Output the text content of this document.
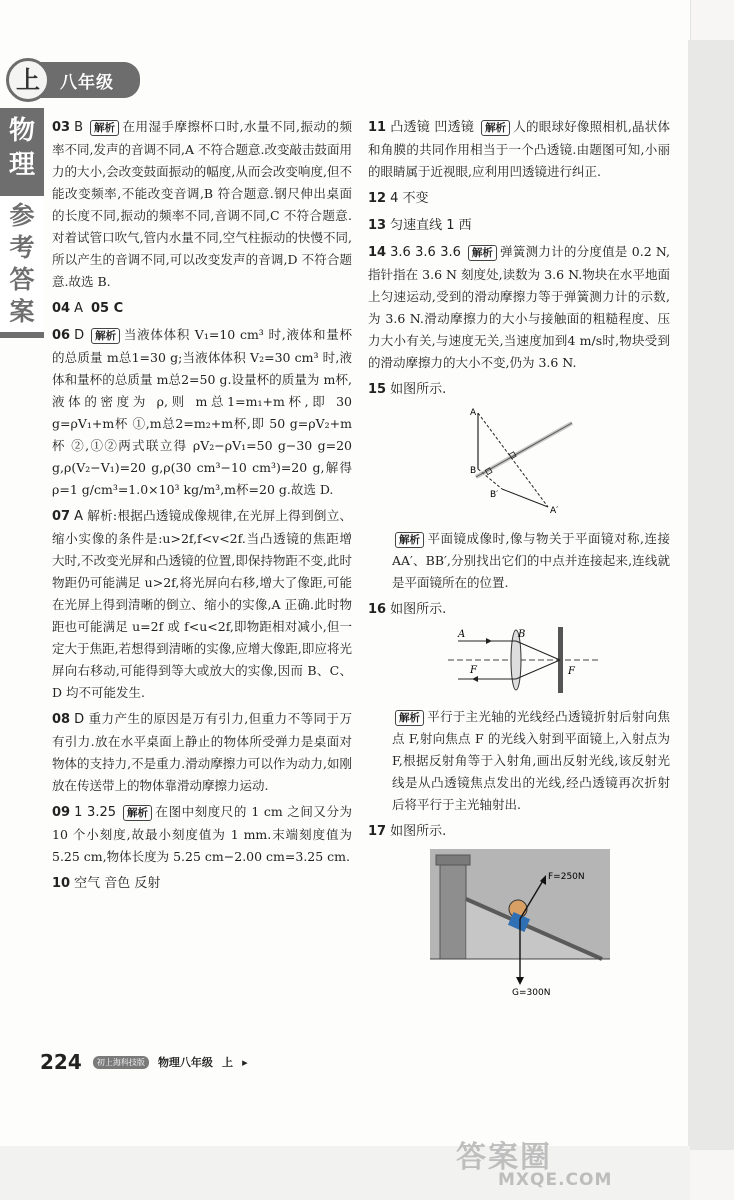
上	八年级
物理
参考答案
03 B 解析 在用湿手摩擦杯口时,水量不同,振动的频率不同,发声的音调不同,A 不符合题意.改变敲击鼓面用力的大小,会改变鼓面振动的幅度,从而会改变响度,但不能改变频率,不能改变音调,B 符合题意.钢尺伸出桌面的长度不同,振动的频率不同,音调不同,C 不符合题意.对着试管口吹气,管内水量不同,空气柱振动的快慢不同,所以产生的音调不同,可以改变发声的音调,D 不符合题意.故选 B.
04 A 05 C
06 D 解析 当液体体积 V₁=10 cm³ 时,液体和量杯的总质量 m总1=30 g;当液体体积 V₂=30 cm³ 时,液体和量杯的总质量 m总2=50 g.设量杯的质量为 m杯,液体的密度为 ρ,则 m总1=m₁+m杯,即 30 g=ρV₁+m杯 ①,m总2=m₂+m杯,即 50 g=ρV₂+m杯 ②,①②两式联立得 ρV₂−ρV₁=50 g−30 g=20 g,ρ(V₂−V₁)=20 g,ρ(30 cm³−10 cm³)=20 g,解得 ρ=1 g/cm³=1.0×10³ kg/m³,m杯=20 g.故选 D.
07 A 解析:根据凸透镜成像规律,在光屏上得到倒立、缩小实像的条件是:u>2f,f<v<2f.当凸透镜的焦距增大时,不改变光屏和凸透镜的位置,即保持物距不变,此时物距仍可能满足 u>2f,将光屏向右移,增大了像距,可能在光屏上得到清晰的倒立、缩小的实像,A 正确.此时物距也可能满足 u=2f 或 f<u<2f,即物距相对减小,但一定大于焦距,若想得到清晰的实像,应增大像距,即应将光屏向右移动,可能得到等大或放大的实像,因而 B、C、D 均不可能发生.
08 D 重力产生的原因是万有引力,但重力不等同于万有引力.放在水平桌面上静止的物体所受弹力是桌面对物体的支持力,不是重力.滑动摩擦力可以作为动力,如刚放在传送带上的物体靠滑动摩擦力运动.
09 1 3.25 解析 在图中刻度尺的 1 cm 之间又分为 10 个小刻度,故最小刻度值为 1 mm.末端刻度值为 5.25 cm,物体长度为 5.25 cm−2.00 cm=3.25 cm.
10 空气 音色 反射
11 凸透镜 凹透镜 解析 人的眼球好像照相机,晶状体和角膜的共同作用相当于一个凸透镜.由题图可知,小丽的眼睛属于近视眼,应利用凹透镜进行纠正.
12 4 不变
13 匀速直线 1 西
14 3.6 3.6 3.6 解析 弹簧测力计的分度值是 0.2 N,指针指在 3.6 N 刻度处,读数为 3.6 N.物块在水平地面上匀速运动,受到的滑动摩擦力等于弹簧测力计的示数,为 3.6 N.滑动摩擦力的大小与接触面的粗糙程度、压力大小有关,与速度无关,当速度加到4 m/s时,物块受到的滑动摩擦力的大小不变,仍为 3.6 N.
15 如图所示.
A
B
B′
A′
解析 平面镜成像时,像与物关于平面镜对称,连接 AA′、BB′,分别找出它们的中点并连接起来,连线就是平面镜所在的位置.
16 如图所示.
A	B
F	F
解析 平行于主光轴的光线经凸透镜折射后射向焦点 F,射向焦点 F 的光线入射到平面镜上,入射点为 F,根据反射角等于入射角,画出反射光线,该反射光线是从凸透镜焦点发出的光线,经凸透镜再次折射后将平行于主光轴射出.
17 如图所示.
F=250N
G=300N
224 初上海科技版 物理八年级 上 ▸
答案圈
MXQE.COM
